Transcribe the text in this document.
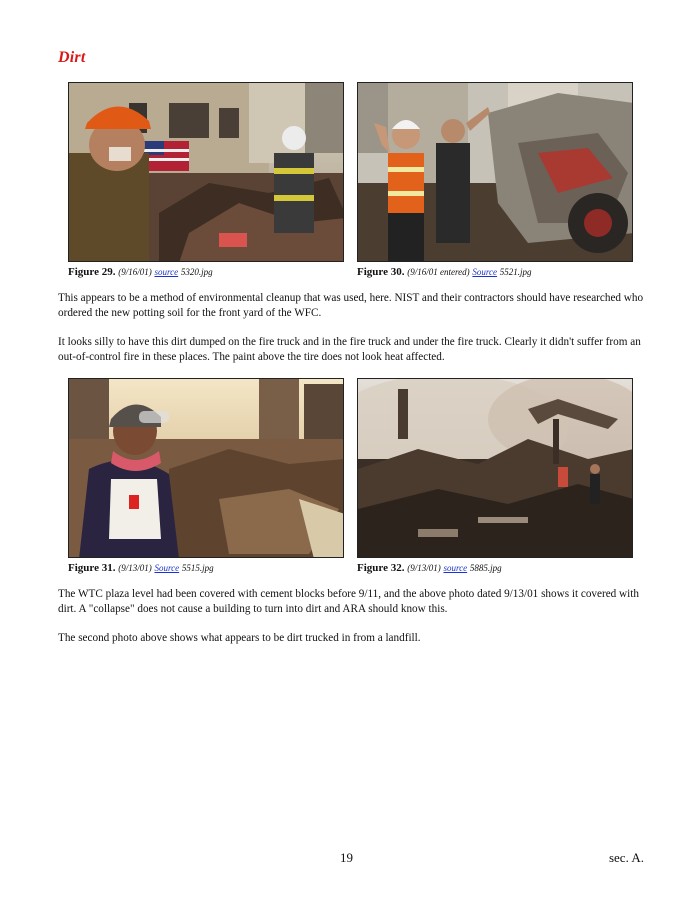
Dirt
Figure 29. (9/16/01) source 5320.jpg	Figure 30. (9/16/01 entered) Source 5521.jpg
This appears to be a method of environmental cleanup that was used, here. NIST and their contractors should have researched who ordered the new potting soil for the front yard of the WFC.
It looks silly to have this dirt dumped on the fire truck and in the fire truck and under the fire truck. Clearly it didn't suffer from an out-of-control fire in these places. The paint above the tire does not look heat affected.
Figure 31. (9/13/01) Source 5515.jpg	Figure 32. (9/13/01) source 5885.jpg
The WTC plaza level had been covered with cement blocks before 9/11, and the above photo dated 9/13/01 shows it covered with dirt. A "collapse" does not cause a building to turn into dirt and ARA should know this.
The second photo above shows what appears to be dirt trucked in from a landfill.
19	sec. A.
